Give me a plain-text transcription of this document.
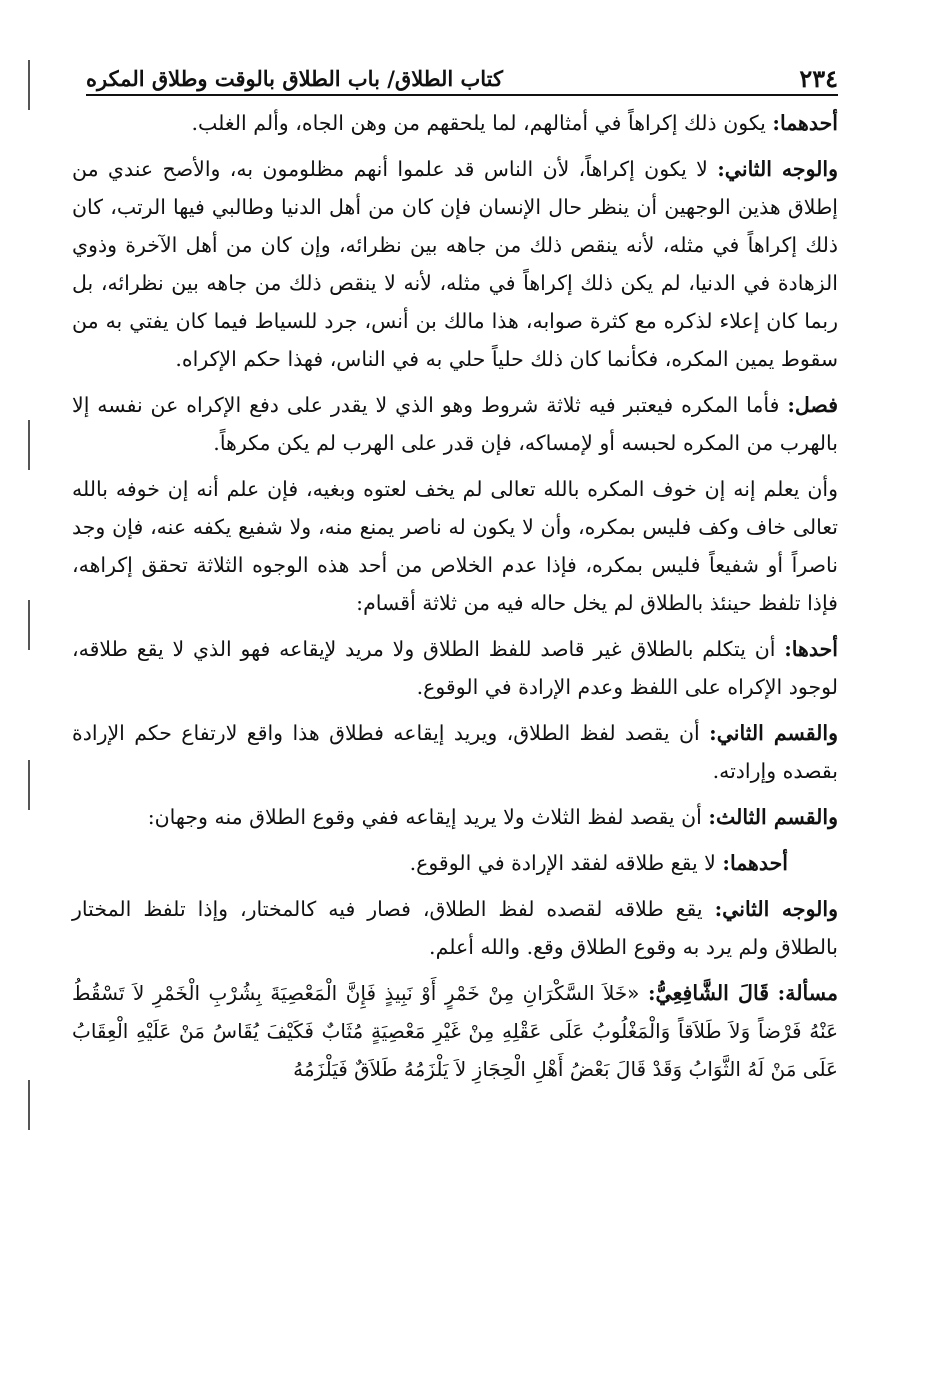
٢٣٤
كتاب الطلاق/ باب الطلاق بالوقت وطلاق المكره

أحدهما: يكون ذلك إكراهاً في أمثالهم، لما يلحقهم من وهن الجاه، وألم الغلب.

والوجه الثاني: لا يكون إكراهاً، لأن الناس قد علموا أنهم مظلومون به، والأصح عندي من إطلاق هذين الوجهين أن ينظر حال الإنسان فإن كان من أهل الدنيا وطالبي فيها الرتب، كان ذلك إكراهاً في مثله، لأنه ينقص ذلك من جاهه بين نظرائه، وإن كان من أهل الآخرة وذوي الزهادة في الدنيا، لم يكن ذلك إكراهاً في مثله، لأنه لا ينقص ذلك من جاهه بين نظرائه، بل ربما كان إعلاء لذكره مع كثرة صوابه، هذا مالك بن أنس، جرد للسياط فيما كان يفتي به من سقوط يمين المكره، فكأنما كان ذلك حلياً حلي به في الناس، فهذا حكم الإكراه.

فصل: فأما المكره فيعتبر فيه ثلاثة شروط وهو الذي لا يقدر على دفع الإكراه عن نفسه إلا بالهرب من المكره لحبسه أو لإمساكه، فإن قدر على الهرب لم يكن مكرهاً.

وأن يعلم إنه إن خوف المكره بالله تعالى لم يخف لعتوه وبغيه، فإن علم أنه إن خوفه بالله تعالى خاف وكف فليس بمكره، وأن لا يكون له ناصر يمنع منه، ولا شفيع يكفه عنه، فإن وجد ناصراً أو شفيعاً فليس بمكره، فإذا عدم الخلاص من أحد هذه الوجوه الثلاثة تحقق إكراهه، فإذا تلفظ حينئذ بالطلاق لم يخل حاله فيه من ثلاثة أقسام:

أحدها: أن يتكلم بالطلاق غير قاصد للفظ الطلاق ولا مريد لإيقاعه فهو الذي لا يقع طلاقه، لوجود الإكراه على اللفظ وعدم الإرادة في الوقوع.

والقسم الثاني: أن يقصد لفظ الطلاق، ويريد إيقاعه فطلاق هذا واقع لارتفاع حكم الإرادة بقصده وإرادته.

والقسم الثالث: أن يقصد لفظ الثلاث ولا يريد إيقاعه ففي وقوع الطلاق منه وجهان:

أحدهما: لا يقع طلاقه لفقد الإرادة في الوقوع.

والوجه الثاني: يقع طلاقه لقصده لفظ الطلاق، فصار فيه كالمختار، وإذا تلفظ المختار بالطلاق ولم يرد به وقوع الطلاق وقع. والله أعلم.

مسألة: قَالَ الشَّافِعِيُّ: «خَلاَ السَّكْرَانِ مِنْ خَمْرٍ أَوْ نَبِيذٍ فَإِنَّ الْمَعْصِيَةَ بِشُرْبِ الْخَمْرِ لاَ تَسْقُطُ عَنْهُ فَرْضاً وَلاَ طَلاَقاً وَالْمَغْلُوبُ عَلَى عَقْلِهِ مِنْ غَيْرِ مَعْصِيَةٍ مُثَابٌ فَكَيْفَ يُقَاسُ مَنْ عَلَيْهِ الْعِقَابُ عَلَى مَنْ لَهُ الثَّوَابُ وَقَدْ قَالَ بَعْضُ أَهْلِ الْحِجَازِ لاَ يَلْزَمُهُ طَلاَقٌ فَيَلْزَمُهُ
